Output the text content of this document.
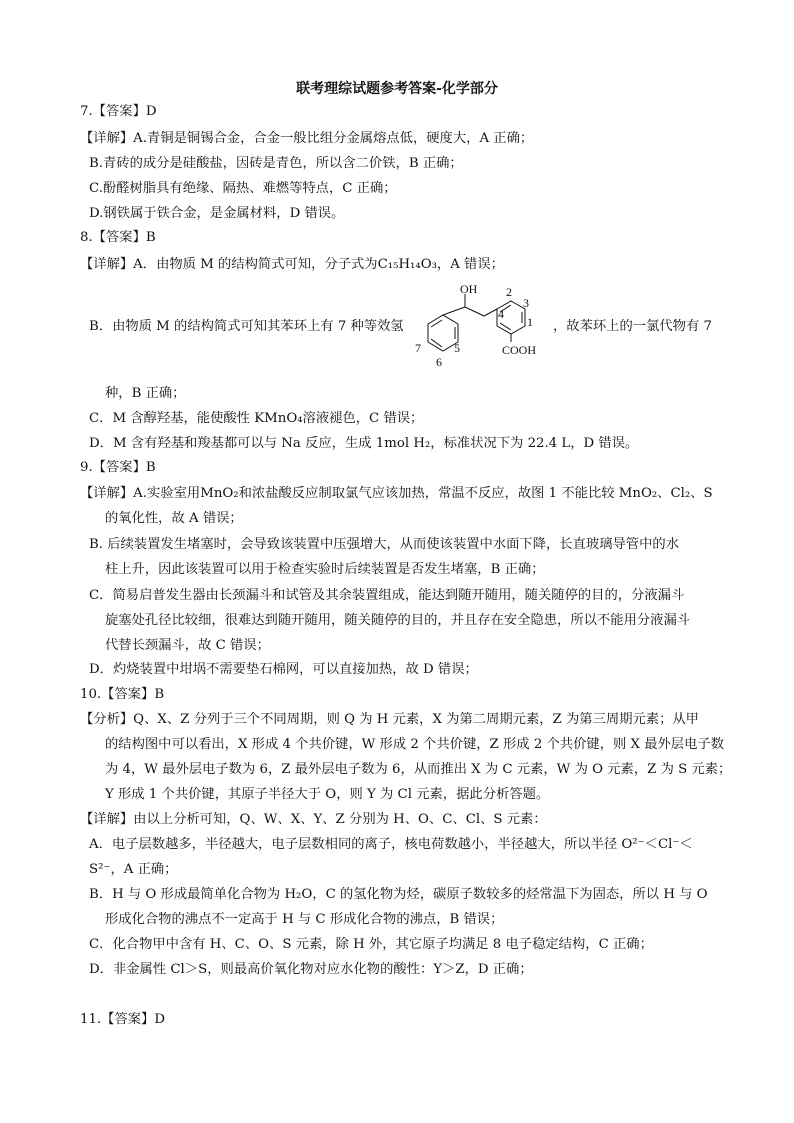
联考理综试题参考答案-化学部分
7.【答案】D
【详解】A.青铜是铜锡合金，合金一般比组分金属熔点低，硬度大，A 正确；
B.青砖的成分是硅酸盐，因砖是青色，所以含二价铁，B 正确；
C.酚醛树脂具有绝缘、隔热、难燃等特点，C 正确；
D.钢铁属于铁合金，是金属材料，D 错误。
8.【答案】B
【详解】A．由物质 M 的结构简式可知，分子式为C₁₅H₁₄O₃，A 错误；
B．由物质 M 的结构简式可知其苯环上有 7 种等效氢	，故苯环上的一氯代物有 7
种，B 正确；
C．M 含醇羟基，能使酸性 KMnO₄溶液褪色，C 错误；
D．M 含有羟基和羧基都可以与 Na 反应，生成 1mol H₂，标准状况下为 22.4 L，D 错误。
9.【答案】B
【详解】A.实验室用MnO₂和浓盐酸反应制取氯气应该加热，常温不反应，故图 1 不能比较 MnO₂、Cl₂、S
的氧化性，故 A 错误；
B. 后续装置发生堵塞时，会导致该装置中压强增大，从而使该装置中水面下降，长直玻璃导管中的水
柱上升，因此该装置可以用于检查实验时后续装置是否发生堵塞，B 正确；
C．简易启普发生器由长颈漏斗和试管及其余装置组成，能达到随开随用，随关随停的目的，分液漏斗
旋塞处孔径比较细，很难达到随开随用，随关随停的目的，并且存在安全隐患，所以不能用分液漏斗
代替长颈漏斗，故 C 错误；
D．灼烧装置中坩埚不需要垫石棉网，可以直接加热，故 D 错误；
10.【答案】B
【分析】Q、X、Z 分列于三个不同周期，则 Q 为 H 元素，X 为第二周期元素，Z 为第三周期元素；从甲
的结构图中可以看出，X 形成 4 个共价键，W 形成 2 个共价键，Z 形成 2 个共价键，则 X 最外层电子数
为 4，W 最外层电子数为 6，Z 最外层电子数为 6，从而推出 X 为 C 元素，W 为 O 元素，Z 为 S 元素；
Y 形成 1 个共价键，其原子半径大于 O，则 Y 为 Cl 元素，据此分析答题。
【详解】由以上分析可知，Q、W、X、Y、Z 分别为 H、O、C、Cl、S 元素：
A．电子层数越多，半径越大，电子层数相同的离子，核电荷数越小，半径越大，所以半径 O²⁻＜Cl⁻＜
S²⁻，A 正确；
B．H 与 O 形成最简单化合物为 H₂O，C 的氢化物为烃，碳原子数较多的烃常温下为固态，所以 H 与 O
形成化合物的沸点不一定高于 H 与 C 形成化合物的沸点，B 错误；
C．化合物甲中含有 H、C、O、S 元素，除 H 外，其它原子均满足 8 电子稳定结构，C 正确；
D．非金属性 Cl＞S，则最高价氧化物对应水化物的酸性：Y＞Z，D 正确；
11.【答案】D
OH
COOH
1
2
3
4
5
6
7
